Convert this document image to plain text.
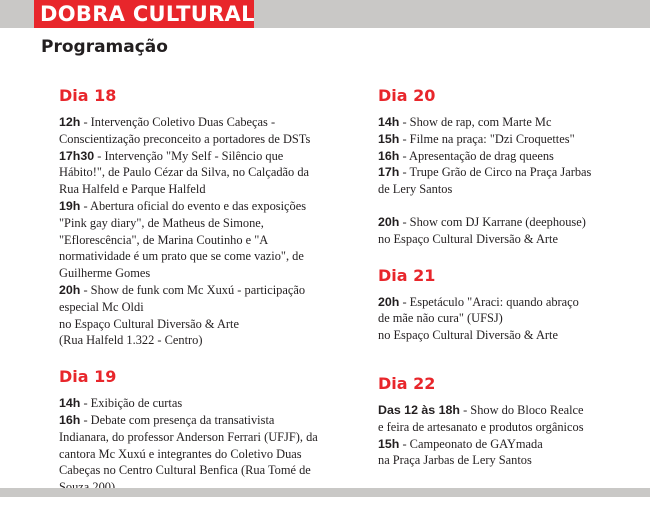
DOBRA CULTURAL
Programação
Dia 18
12h - Intervenção Coletivo Duas Cabeças -
Conscientização preconceito a portadores de DSTs
17h30 - Intervenção "My Self - Silêncio que
Hábito!", de Paulo Cézar da Silva, no Calçadão da
Rua Halfeld e Parque Halfeld
19h - Abertura oficial do evento e das exposições
"Pink gay diary", de Matheus de Simone,
"Eflorescência", de Marina Coutinho e "A
normatividade é um prato que se come vazio", de
Guilherme Gomes
20h - Show de funk com Mc Xuxú - participação
especial Mc Oldi
no Espaço Cultural Diversão & Arte
(Rua Halfeld 1.322 - Centro)
Dia 19
14h - Exibição de curtas
16h - Debate com presença da transativista
Indianara, do professor Anderson Ferrari (UFJF), da
cantora Mc Xuxú e integrantes do Coletivo Duas
Cabeças no Centro Cultural Benfica (Rua Tomé de
Dia 20
14h - Show de rap, com Marte Mc
15h - Filme na praça: "Dzi Croquettes"
16h - Apresentação de drag queens
17h - Trupe Grão de Circo na Praça Jarbas
de Lery Santos
20h - Show com DJ Karrane (deephouse)
no Espaço Cultural Diversão & Arte
Dia 21
20h - Espetáculo "Araci: quando abraço
de mãe não cura" (UFSJ)
no Espaço Cultural Diversão & Arte
Dia 22
Das 12 às 18h - Show do Bloco Realce
e feira de artesanato e produtos orgânicos
15h - Campeonato de GAYmada
na Praça Jarbas de Lery Santos
